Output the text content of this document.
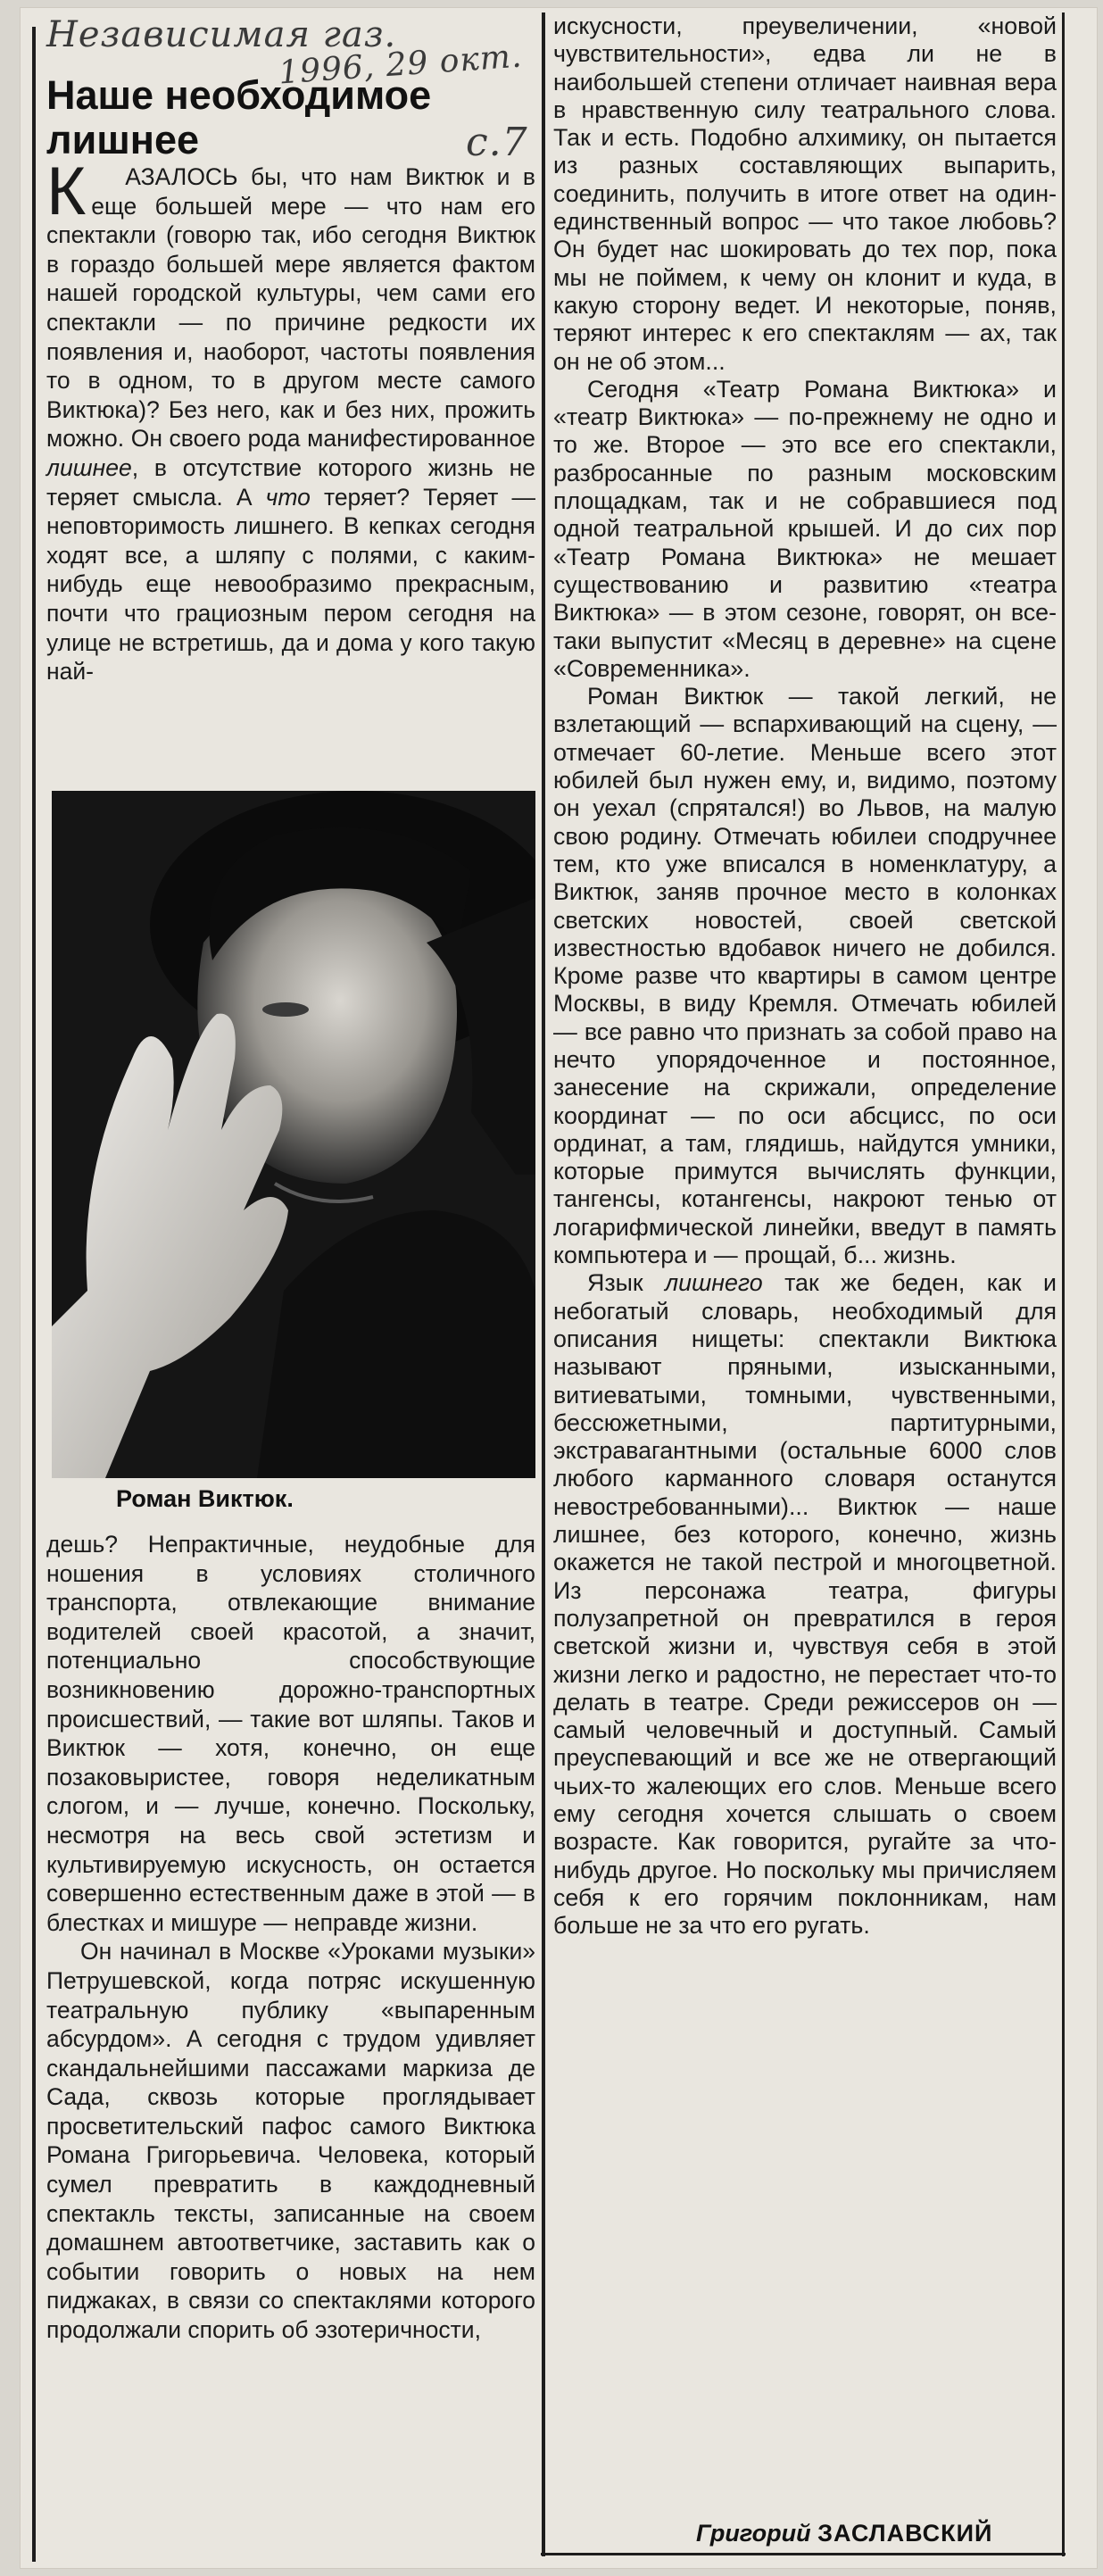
Независимая газ.
1996, 29 окт.
с.7
Наше необходимое
лишнее

К АЗАЛОСЬ бы, что нам Виктюк и в еще большей мере — что нам его спектакли (говорю так, ибо сегодня Виктюк в гораздо большей мере является фактом нашей городской культуры, чем сами его спектакли — по причине редкости их появления и, наоборот, частоты появления то в одном, то в другом месте самого Виктюка)? Без него, как и без них, прожить можно. Он своего рода манифестированное лишнее, в отсутствие которого жизнь не теряет смысла. А что теряет? Теряет — неповторимость лишнего. В кепках сегодня ходят все, а шляпу с полями, с каким-нибудь еще невообразимо прекрасным, почти что грациозным пером сегодня на улице не встретишь, да и дома у кого такую най-

Роман Виктюк.

дешь? Непрактичные, неудобные для ношения в условиях столичного транспорта, отвлекающие внимание водителей своей красотой, а значит, потенциально способствующие возникновению дорожно-транспортных происшествий, — такие вот шляпы. Таков и Виктюк — хотя, конечно, он еще позаковыристее, говоря неделикатным слогом, и — лучше, конечно. Поскольку, несмотря на весь свой эстетизм и культивируемую искусность, он остается совершенно естественным даже в этой — в блестках и мишуре — неправде жизни.

Он начинал в Москве «Уроками музыки» Петрушевской, когда потряс искушенную театральную публику «выпаренным абсурдом». А сегодня с трудом удивляет скандальнейшими пассажами маркиза де Сада, сквозь которые проглядывает просветительский пафос самого Виктюка Романа Григорьевича. Человека, который сумел превратить в каждодневный спектакль тексты, записанные на своем домашнем автоответчике, заставить как о событии говорить о новых на нем пиджаках, в связи со спектаклями которого продолжали спорить об эзотеричности,

искусности, преувеличении, «новой чувствительности», едва ли не в наибольшей степени отличает наивная вера в нравственную силу театрального слова. Так и есть. Подобно алхимику, он пытается из разных составляющих выпарить, соединить, получить в итоге ответ на один-единственный вопрос — что такое любовь? Он будет нас шокировать до тех пор, пока мы не поймем, к чему он клонит и куда, в какую сторону ведет. И некоторые, поняв, теряют интерес к его спектаклям — ах, так он не об этом...

Сегодня «Театр Романа Виктюка» и «театр Виктюка» — по-прежнему не одно и то же. Второе — это все его спектакли, разбросанные по разным московским площадкам, так и не собравшиеся под одной театральной крышей. И до сих пор «Театр Романа Виктюка» не мешает существованию и развитию «театра Виктюка» — в этом сезоне, говорят, он все-таки выпустит «Месяц в деревне» на сцене «Современника».

Роман Виктюк — такой легкий, не взлетающий — вспархивающий на сцену, — отмечает 60-летие. Меньше всего этот юбилей был нужен ему, и, видимо, поэтому он уехал (спрятался!) во Львов, на малую свою родину. Отмечать юбилеи сподручнее тем, кто уже вписался в номенклатуру, а Виктюк, заняв прочное место в колонках светских новостей, своей светской известностью вдобавок ничего не добился. Кроме разве что квартиры в самом центре Москвы, в виду Кремля. Отмечать юбилей — все равно что признать за собой право на нечто упорядоченное и постоянное, занесение на скрижали, определение координат — по оси абсцисс, по оси ординат, а там, глядишь, найдутся умники, которые примутся вычислять функции, тангенсы, котангенсы, накроют тенью от логарифмической линейки, введут в память компьютера и — прощай, б... жизнь.

Язык лишнего так же беден, как и небогатый словарь, необходимый для описания нищеты: спектакли Виктюка называют пряными, изысканными, витиеватыми, томными, чувственными, бессюжетными, партитурными, экстравагантными (остальные 6000 слов любого карманного словаря останутся невостребованными)... Виктюк — наше лишнее, без которого, конечно, жизнь окажется не такой пестрой и многоцветной. Из персонажа театра, фигуры полузапретной он превратился в героя светской жизни и, чувствуя себя в этой жизни легко и радостно, не перестает что-то делать в театре. Среди режиссеров он — самый человечный и доступный. Самый преуспевающий и все же не отвергающий чьих-то жалеющих его слов. Меньше всего ему сегодня хочется слышать о своем возрасте. Как говорится, ругайте за что-нибудь другое. Но поскольку мы причисляем себя к его горячим поклонникам, нам больше не за что его ругать.

Григорий ЗАСЛАВСКИЙ
